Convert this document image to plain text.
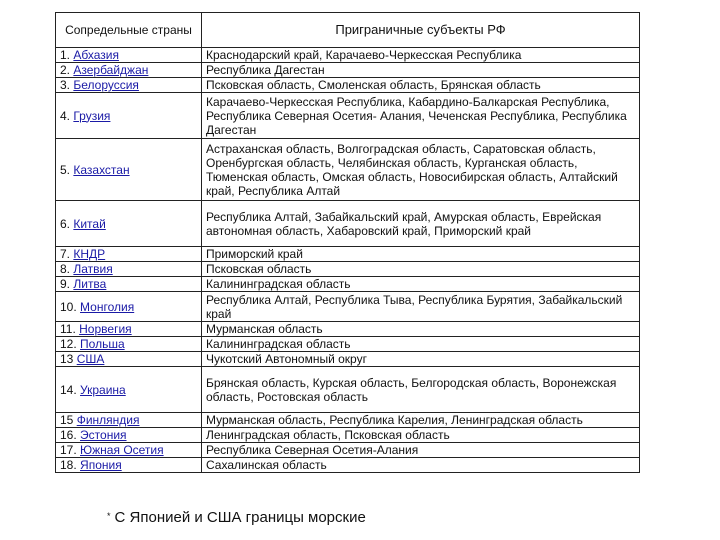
Сопредельные страны	Приграничные субъекты РФ
1. Абхазия	Краснодарский край, Карачаево-Черкесская Республика
2. Азербайджан	Республика Дагестан
3. Белоруссия	Псковская область, Смоленская область, Брянская область
4. Грузия	Карачаево-Черкесская Республика, Кабардино-Балкарская Республика, Республика Северная Осетия- Алания, Чеченская Республика, Республика Дагестан
5. Казахстан	Астраханская область, Волгоградская область, Саратовская область, Оренбургская область, Челябинская область, Курганская область, Тюменская область, Омская область, Новосибирская область, Алтайский край, Республика Алтай
6. Китай	Республика Алтай, Забайкальский край, Амурская область, Еврейская автономная область, Хабаровский край, Приморский край
7. КНДР	Приморский край
8. Латвия	Псковская область
9. Литва	Калининградская область
10. Монголия	Республика Алтай, Республика Тыва, Республика Бурятия, Забайкальский край
11. Норвегия	Мурманская область
12. Польша	Калининградская область
13 США	Чукотский Автономный округ
14. Украина	Брянская область, Курская область, Белгородская область, Воронежская область, Ростовская область
15 Финляндия	Мурманская область, Республика Карелия, Ленинградская область
16. Эстония	Ленинградская область, Псковская область
17. Южная Осетия	Республика Северная Осетия-Алания
18. Япония	Сахалинская область
* С Японией и США границы морские
